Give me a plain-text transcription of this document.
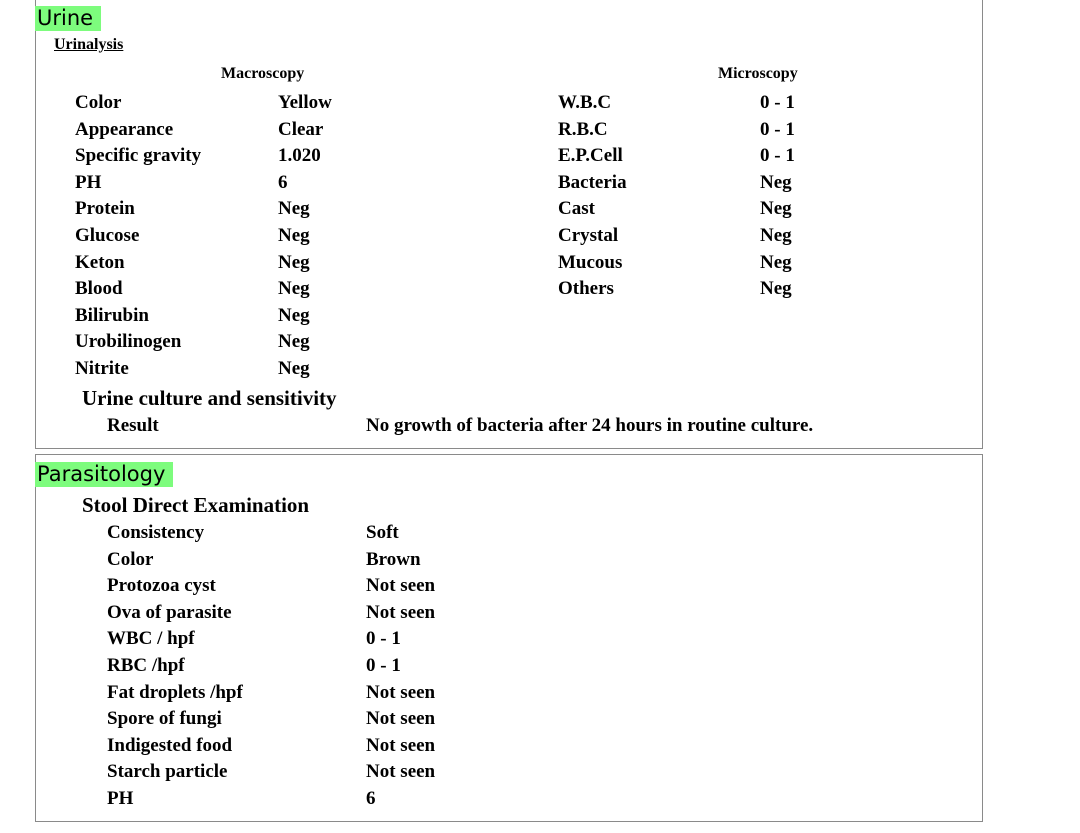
Urine
Urinalysis
Macroscopy	Microscopy
Color	Yellow
Appearance	Clear
Specific gravity	1.020
PH	6
Protein	Neg
Glucose	Neg
Keton	Neg
Blood	Neg
Bilirubin	Neg
Urobilinogen	Neg
Nitrite	Neg
W.B.C	0 - 1
R.B.C	0 - 1
E.P.Cell	0 - 1
Bacteria	Neg
Cast	Neg
Crystal	Neg
Mucous	Neg
Others	Neg
Urine culture and sensitivity
Result	No growth of bacteria after 24 hours in routine culture.
Parasitology
Stool Direct Examination
Consistency	Soft
Color	Brown
Protozoa cyst	Not seen
Ova of parasite	Not seen
WBC / hpf	0 - 1
RBC /hpf	0 - 1
Fat droplets /hpf	Not seen
Spore of fungi	Not seen
Indigested food	Not seen
Starch particle	Not seen
PH	6
